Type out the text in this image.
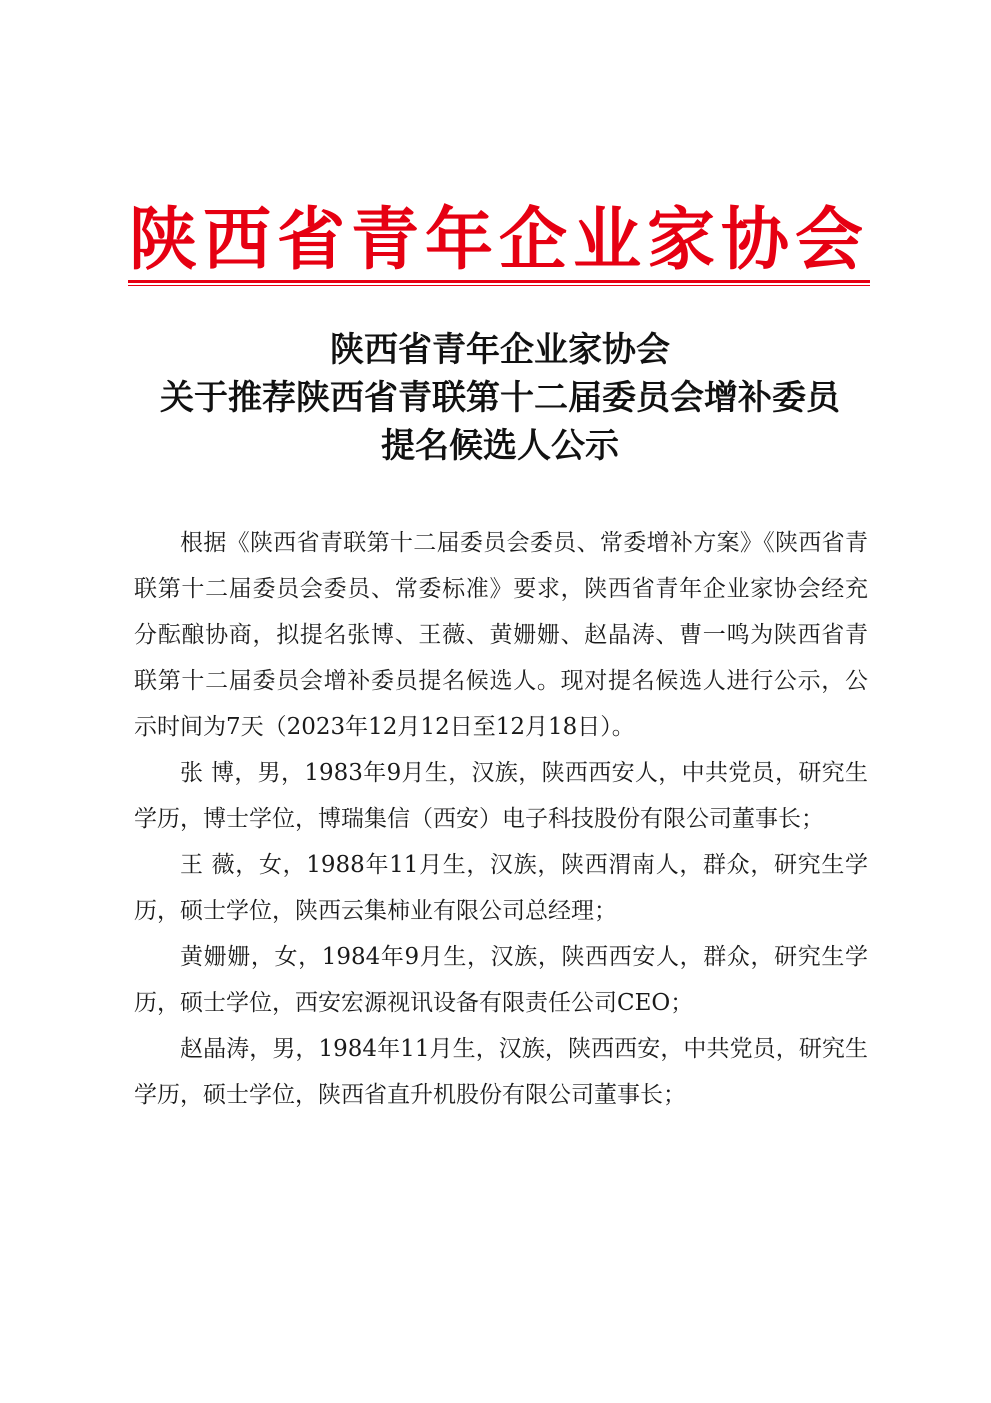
陕西省青年企业家协会
陕西省青年企业家协会
关于推荐陕西省青联第十二届委员会增补委员
提名候选人公示

根据《陕西省青联第十二届委员会委员、常委增补方案》《陕西省青联第十二届委员会委员、常委标准》要求，陕西省青年企业家协会经充分酝酿协商，拟提名张博、王薇、黄姗姗、赵晶涛、曹一鸣为陕西省青联第十二届委员会增补委员提名候选人。现对提名候选人进行公示，公示时间为7天（2023年12月12日至12月18日）。

张 博，男，1983年9月生，汉族，陕西西安人，中共党员，研究生学历，博士学位，博瑞集信（西安）电子科技股份有限公司董事长；

王 薇，女，1988年11月生，汉族，陕西渭南人，群众，研究生学历，硕士学位，陕西云集柿业有限公司总经理；

黄姗姗，女，1984年9月生，汉族，陕西西安人，群众，研究生学历，硕士学位，西安宏源视讯设备有限责任公司CEO；

赵晶涛，男，1984年11月生，汉族，陕西西安，中共党员，研究生学历，硕士学位，陕西省直升机股份有限公司董事长；
